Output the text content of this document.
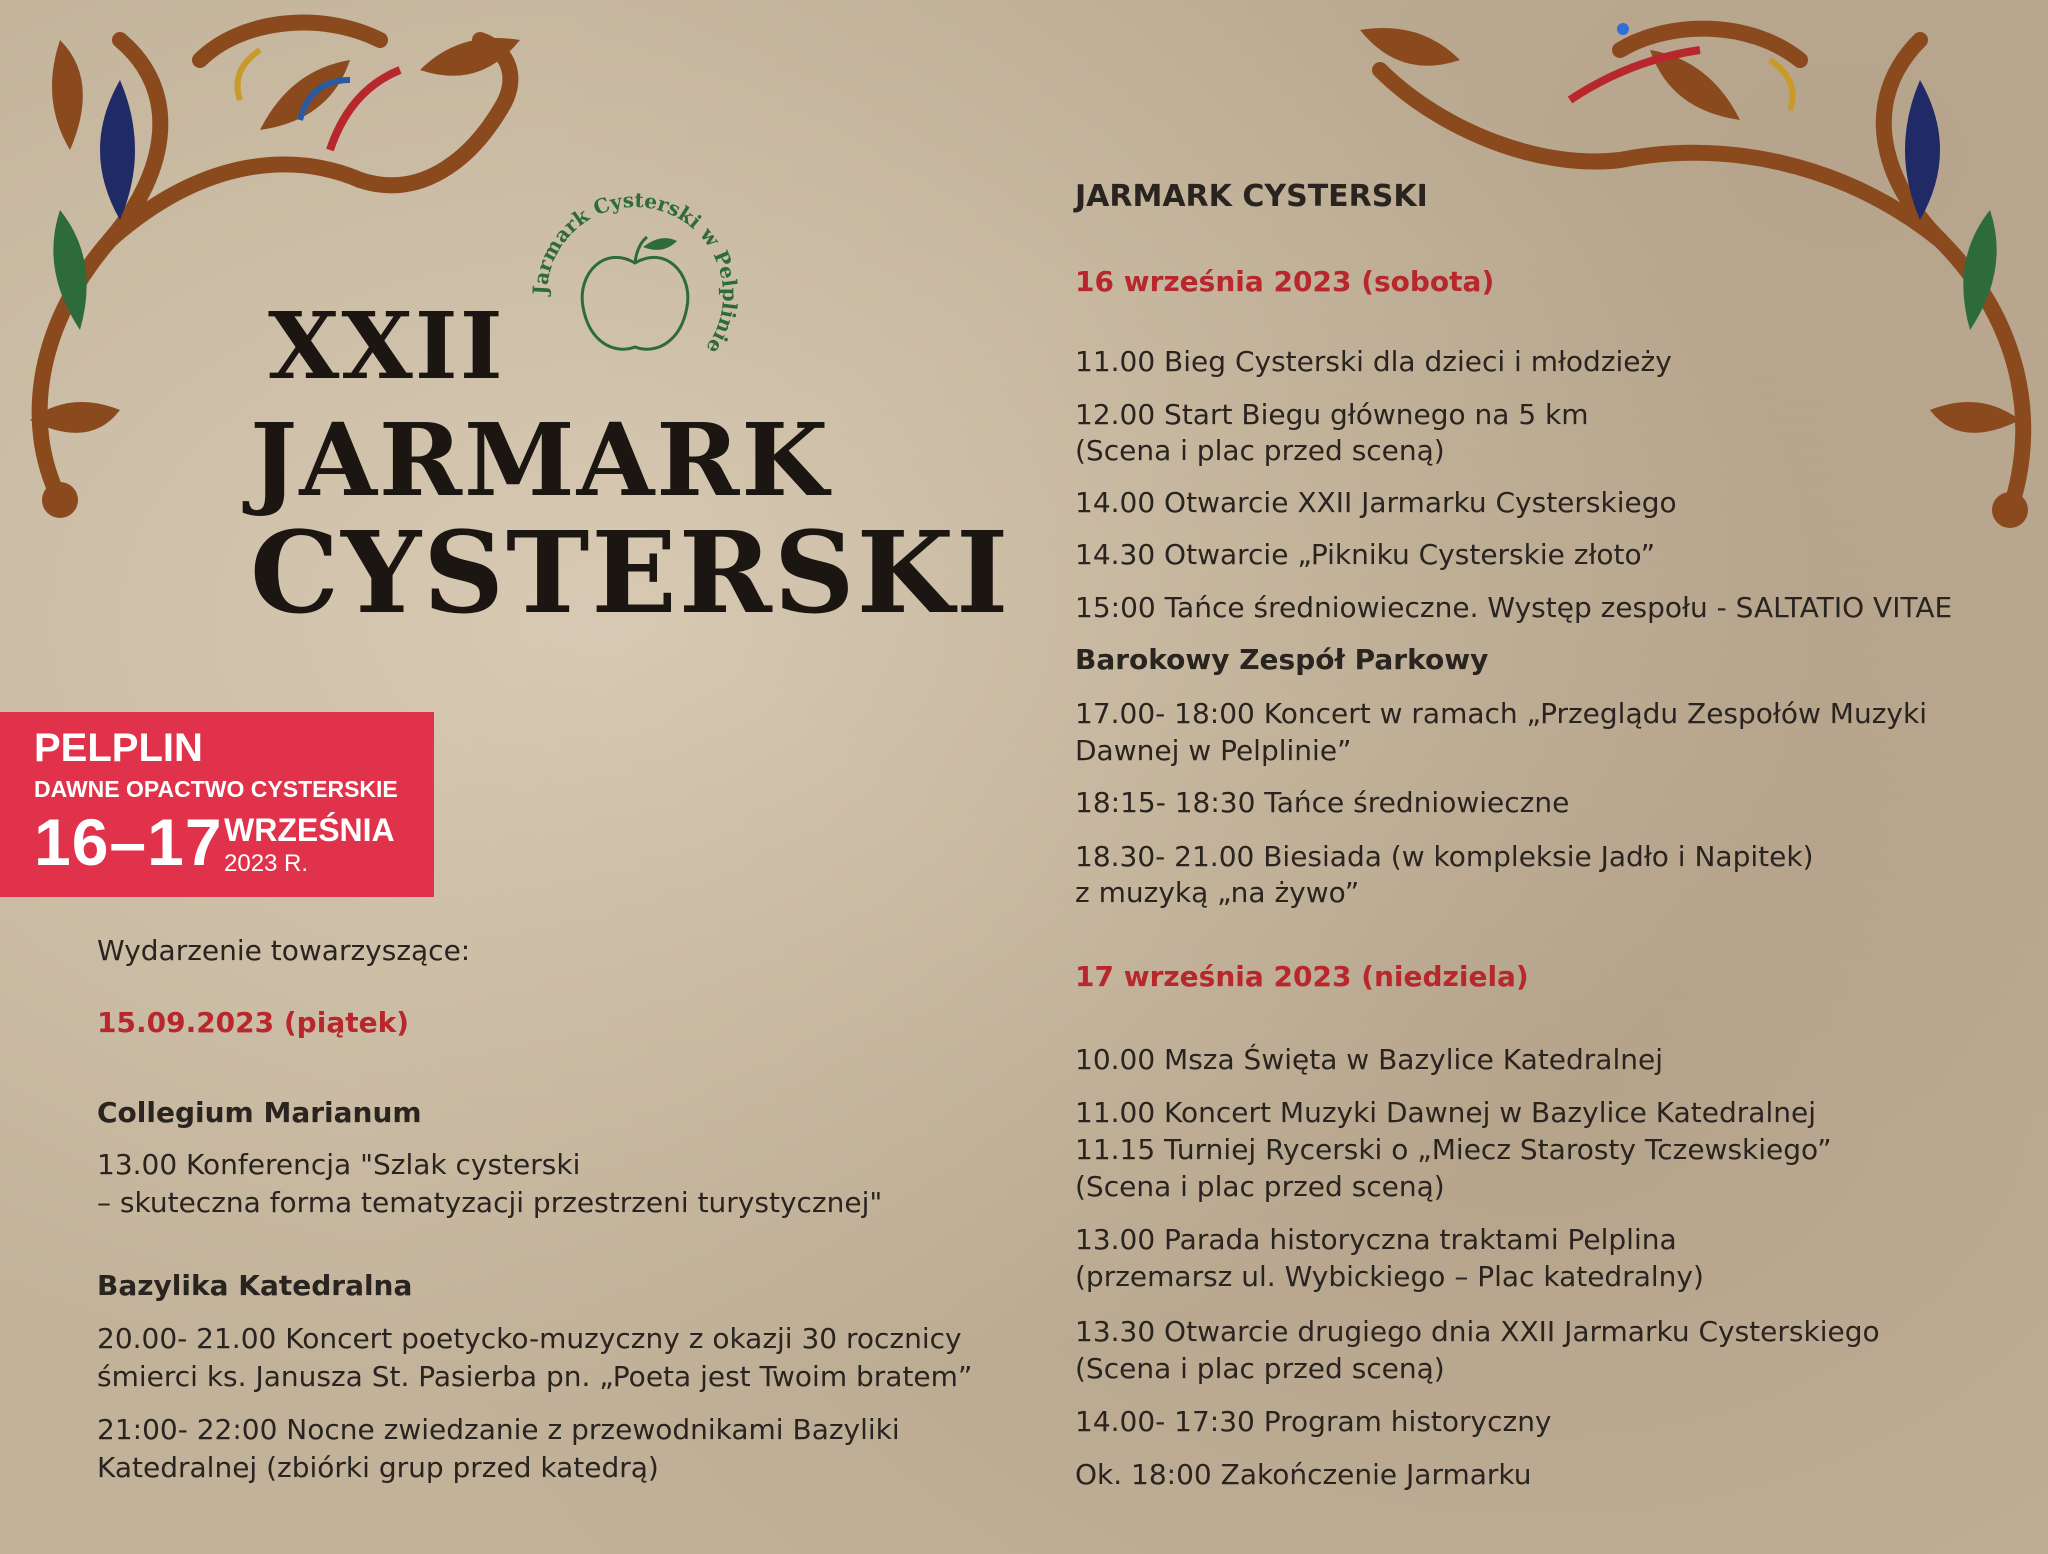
XXII
JARMARK
CYSTERSKI
Jarmark Cysterski w Pelplinie
PELPLIN
DAWNE OPACTWO CYSTERSKIE
16–17 WRZEŚNIA
2023 R.
Wydarzenie towarzyszące:
15.09.2023 (piątek)
Collegium Marianum
13.00 Konferencja "Szlak cysterski
– skuteczna forma tematyzacji przestrzeni turystycznej"
Bazylika Katedralna
20.00- 21.00 Koncert poetycko-muzyczny z okazji 30 rocznicy
śmierci ks. Janusza St. Pasierba pn. „Poeta jest Twoim bratem”
21:00- 22:00 Nocne zwiedzanie z przewodnikami Bazyliki
Katedralnej (zbiórki grup przed katedrą)
JARMARK CYSTERSKI
16 września 2023 (sobota)
11.00 Bieg Cysterski dla dzieci i młodzieży
12.00 Start Biegu głównego na 5 km
(Scena i plac przed sceną)
14.00 Otwarcie XXII Jarmarku Cysterskiego
14.30 Otwarcie „Pikniku Cysterskie złoto”
15:00 Tańce średniowieczne. Występ zespołu - SALTATIO VITAE
Barokowy Zespół Parkowy
17.00- 18:00 Koncert w ramach „Przeglądu Zespołów Muzyki
Dawnej w Pelplinie”
18:15- 18:30 Tańce średniowieczne
18.30- 21.00 Biesiada (w kompleksie Jadło i Napitek)
z muzyką „na żywo”
17 września 2023 (niedziela)
10.00 Msza Święta w Bazylice Katedralnej
11.00 Koncert Muzyki Dawnej w Bazylice Katedralnej
11.15 Turniej Rycerski o „Miecz Starosty Tczewskiego”
(Scena i plac przed sceną)
13.00 Parada historyczna traktami Pelplina
(przemarsz ul. Wybickiego – Plac katedralny)
13.30 Otwarcie drugiego dnia XXII Jarmarku Cysterskiego
(Scena i plac przed sceną)
14.00- 17:30 Program historyczny
Ok. 18:00 Zakończenie Jarmarku
